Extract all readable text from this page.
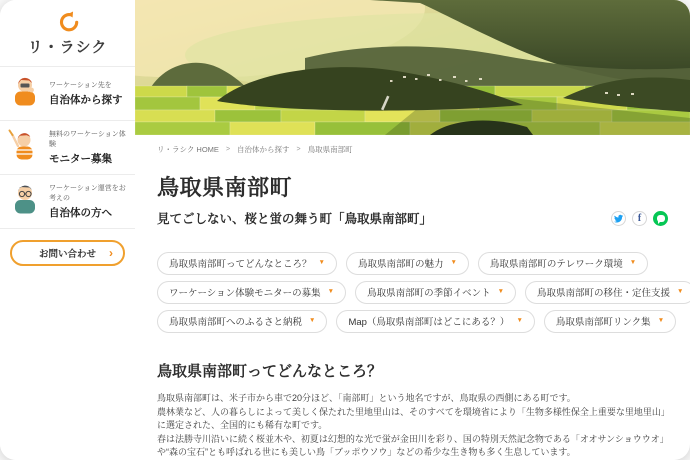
リ・ラシク
ワーケーション先を
自治体から探す
無料のワーケーション体験
モニター募集
ワーケーション運営をお考えの
自治体の方へ
お問い合わせ ›
リ・ラシク HOME > 自治体から探す > 鳥取県南部町
鳥取県南部町
見てごしない、桜と蛍の舞う町「鳥取県南部町」	f
鳥取県南部町ってどんなところ？ ▼	鳥取県南部町の魅力 ▼	鳥取県南部町のテレワーク環境 ▼
ワーケーション体験モニターの募集 ▼	鳥取県南部町の季節イベント ▼	鳥取県南部町の移住・定住支援 ▼
鳥取県南部町へのふるさと納税 ▼	Map（鳥取県南部町はどこにある？） ▼	鳥取県南部町リンク集 ▼
鳥取県南部町ってどんなところ？

鳥取県南部町は、米子市から車で20分ほど、「南部町」という地名ですが、鳥取県の西側にある町です。

農林業など、人の暮らしによって美しく保たれた里地里山は、そのすべてを環境省により「生物多様性保全上重要な里地里山」に選定された、全国的にも稀有な町です。

春は法勝寺川沿いに続く桜並木や、初夏は幻想的な光で蛍が金田川を彩り、国の特別天然記念物である「オオサンショウウオ」や“森の宝石”とも呼ばれる世にも美しい鳥「ブッポウソウ」などの希少な生き物も多く生息しています。
